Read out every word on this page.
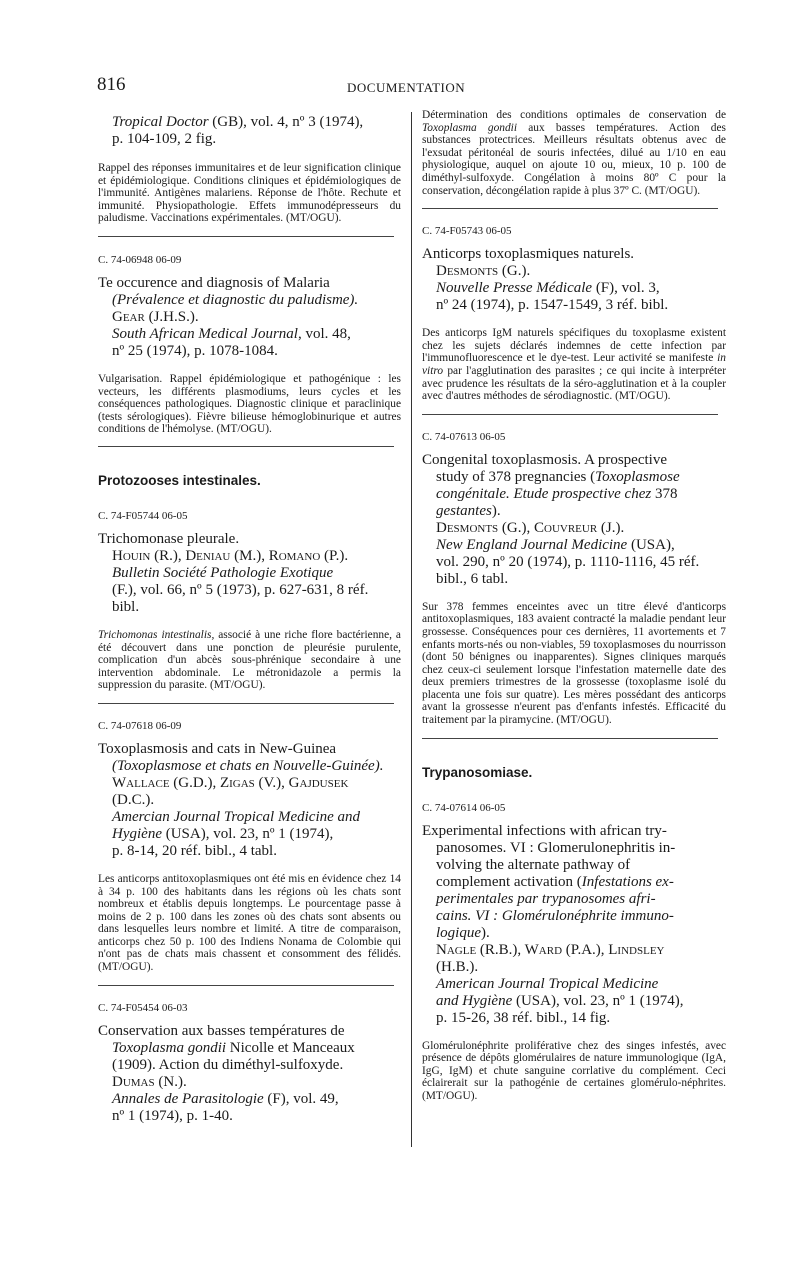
816	DOCUMENTATION

Tropical Doctor (GB), vol. 4, nº 3 (1974),

p. 104-109, 2 fig.

Rappel des réponses immunitaires et de leur signification clinique et épidémiologique. Conditions cliniques et épidémiologiques de l'immunité. Antigènes malariens. Réponse de l'hôte. Rechute et immunité. Physiopathologie. Effets immunodépresseurs du paludisme. Vaccinations expérimentales. (MT/OGU).

C. 74-06948 06-09

Te occurence and diagnosis of Malaria

(Prévalence et diagnostic du paludisme).

Gear (J.H.S.).

South African Medical Journal, vol. 48,

nº 25 (1974), p. 1078-1084.

Vulgarisation. Rappel épidémiologique et pathogénique : les vecteurs, les différents plasmodiums, leurs cycles et les conséquences pathologiques. Diagnostic clinique et paraclinique (tests sérologiques). Fièvre bilieuse hémoglobinurique et autres conditions de l'hémolyse. (MT/OGU).

Protozooses intestinales.

C. 74-F05744 06-05

Trichomonase pleurale.

Houin (R.), Deniau (M.), Romano (P.).

Bulletin Société Pathologie Exotique

(F.), vol. 66, nº 5 (1973), p. 627-631, 8 réf.

bibl.

Trichomonas intestinalis, associé à une riche flore bactérienne, a été découvert dans une ponction de pleurésie purulente, complication d'un abcès sous-phrénique secondaire à une intervention abdominale. Le métronidazole a permis la suppression du parasite. (MT/OGU).

C. 74-07618 06-09

Toxoplasmosis and cats in New-Guinea

(Toxoplasmose et chats en Nouvelle-Guinée).

Wallace (G.D.), Zigas (V.), Gajdusek

(D.C.).

Amercian Journal Tropical Medicine and Hygiène (USA), vol. 23, nº 1 (1974),

p. 8-14, 20 réf. bibl., 4 tabl.

Les anticorps antitoxoplasmiques ont été mis en évidence chez 14 à 34 p. 100 des habitants dans les régions où les chats sont nombreux et établis depuis longtemps. Le pourcentage passe à moins de 2 p. 100 dans les zones où des chats sont absents ou dans lesquelles leurs nombre et limité. A titre de comparaison, anticorps chez 50 p. 100 des Indiens Nonama de Colombie qui n'ont pas de chats mais chassent et consomment des félidés. (MT/OGU).

C. 74-F05454 06-03

Conservation aux basses températures de

Toxoplasma gondii Nicolle et Manceaux

(1909). Action du diméthyl-sulfoxyde.

Dumas (N.).

Annales de Parasitologie (F), vol. 49,

nº 1 (1974), p. 1-40.

Détermination des conditions optimales de conservation de Toxoplasma gondii aux basses températures. Action des substances protectrices. Meilleurs résultats obtenus avec de l'exsudat péritonéal de souris infectées, dilué au 1/10 en eau physiologique, auquel on ajoute 10 ou, mieux, 10 p. 100 de diméthyl-sulfoxyde. Congélation à moins 80º C pour la conservation, décongélation rapide à plus 37º C. (MT/OGU).

C. 74-F05743 06-05

Anticorps toxoplasmiques naturels.

Desmonts (G.).

Nouvelle Presse Médicale (F), vol. 3,

nº 24 (1974), p. 1547-1549, 3 réf. bibl.

Des anticorps IgM naturels spécifiques du toxoplasme existent chez les sujets déclarés indemnes de cette infection par l'immunofluorescence et le dye-test. Leur activité se manifeste in vitro par l'agglutination des parasites ; ce qui incite à interpréter avec prudence les résultats de la séro-agglutination et à la coupler avec d'autres méthodes de sérodiagnostic. (MT/OGU).

C. 74-07613 06-05

Congenital toxoplasmosis. A prospective

study of 378 pregnancies (Toxoplasmose

congénitale. Etude prospective chez 378

gestantes).

Desmonts (G.), Couvreur (J.).

New England Journal Medicine (USA),

vol. 290, nº 20 (1974), p. 1110-1116, 45 réf.

bibl., 6 tabl.

Sur 378 femmes enceintes avec un titre élevé d'anticorps antitoxoplasmiques, 183 avaient contracté la maladie pendant leur grossesse. Conséquences pour ces dernières, 11 avortements et 7 enfants morts-nés ou non-viables, 59 toxoplasmoses du nourrisson (dont 50 bénignes ou inapparentes). Signes cliniques marqués chez ceux-ci seulement lorsque l'infestation maternelle date des deux premiers trimestres de la grossesse (toxoplasme isolé du placenta une fois sur quatre). Les mères possédant des anticorps avant la grossesse n'eurent pas d'enfants infestés. Efficacité du traitement par la piramycine. (MT/OGU).

Trypanosomiase.

C. 74-07614 06-05

Experimental infections with african try-

panosomes. VI : Glomerulonephritis in-

volving the alternate pathway of

complement activation (Infestations ex-

perimentales par trypanosomes afri-

cains. VI : Glomérulonéphrite immuno-

logique).

Nagle (R.B.), Ward (P.A.), Lindsley

(H.B.).

American Journal Tropical Medicine

and Hygiène (USA), vol. 23, nº 1 (1974),

p. 15-26, 38 réf. bibl., 14 fig.

Glomérulonéphrite proliférative chez des singes infestés, avec présence de dépôts glomérulaires de nature immunologique (IgA, IgG, IgM) et chute sanguine corrlative du complément. Ceci éclairerait sur la pathogénie de certaines glomérulo-néphrites. (MT/OGU).
